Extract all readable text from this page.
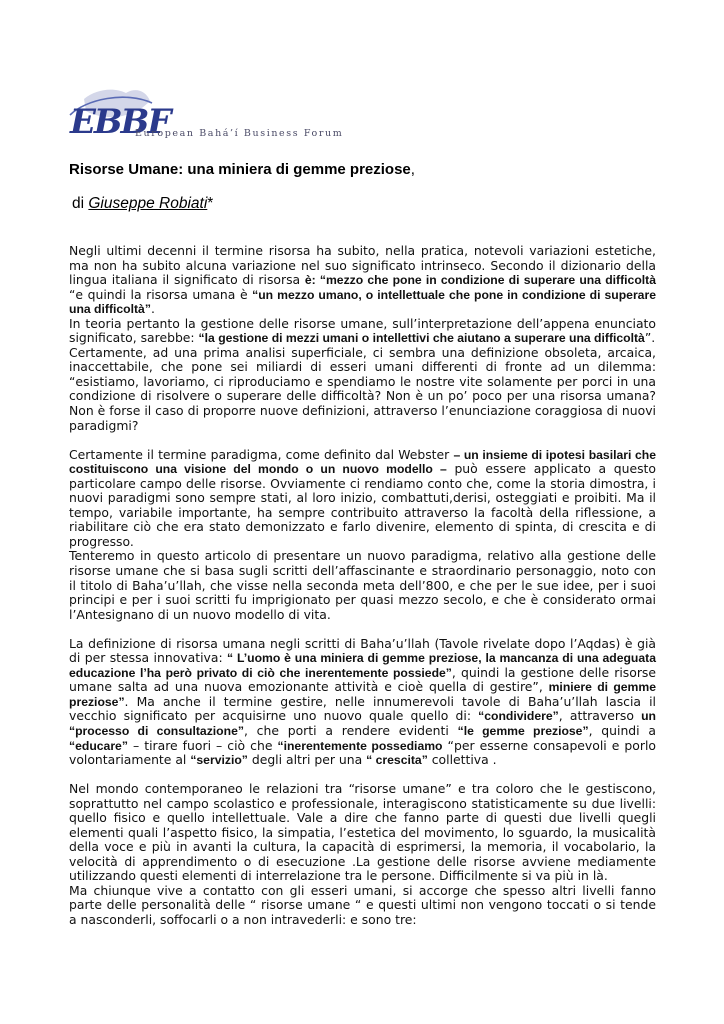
EBBF
European Bahá’í Business Forum
Risorse Umane: una miniera di gemme preziose,
di Giuseppe Robiati*

Negli ultimi decenni il termine risorsa ha subito, nella pratica, notevoli variazioni estetiche, ma non ha subito alcuna variazione nel suo significato intrinseco. Secondo il dizionario della lingua italiana il significato di risorsa è: “mezzo che pone in condizione di superare una difficoltà “e quindi la risorsa umana è “un mezzo umano, o intellettuale che pone in condizione di superare una difficoltà”.

In teoria pertanto la gestione delle risorse umane, sull’interpretazione dell’appena enunciato significato, sarebbe: “la gestione di mezzi umani o intellettivi che aiutano a superare una difficoltà”.

Certamente, ad una prima analisi superficiale, ci sembra una definizione obsoleta, arcaica, inaccettabile, che pone sei miliardi di esseri umani differenti di fronte ad un dilemma: “esistiamo, lavoriamo, ci riproduciamo e spendiamo le nostre vite solamente per porci in una condizione di risolvere o superare delle difficoltà? Non è un po’ poco per una risorsa umana? Non è forse il caso di proporre nuove definizioni, attraverso l’enunciazione coraggiosa di nuovi paradigmi?

Certamente il termine paradigma, come definito dal Webster – un insieme di ipotesi basilari che costituiscono una visione del mondo o un nuovo modello – può essere applicato a questo particolare campo delle risorse. Ovviamente ci rendiamo conto che, come la storia dimostra, i nuovi paradigmi sono sempre stati, al loro inizio, combattuti,derisi, osteggiati e proibiti. Ma il tempo, variabile importante, ha sempre contribuito attraverso la facoltà della riflessione, a riabilitare ciò che era stato demonizzato e farlo divenire, elemento di spinta, di crescita e di progresso.

Tenteremo in questo articolo di presentare un nuovo paradigma, relativo alla gestione delle risorse umane che si basa sugli scritti dell’affascinante e straordinario personaggio, noto con il titolo di Baha’u’llah, che visse nella seconda meta dell’800, e che per le sue idee, per i suoi principi e per i suoi scritti fu imprigionato per quasi mezzo secolo, e che è considerato ormai l’Antesignano di un nuovo modello di vita.

La definizione di risorsa umana negli scritti di Baha’u’llah (Tavole rivelate dopo l’Aqdas) è già di per stessa innovativa: “ L’uomo è una miniera di gemme preziose, la mancanza di una adeguata educazione l’ha però privato di ciò che inerentemente possiede”, quindi la gestione delle risorse umane salta ad una nuova emozionante attività e cioè quella di gestire”, miniere di gemme preziose”. Ma anche il termine gestire, nelle innumerevoli tavole di Baha’u’llah lascia il vecchio significato per acquisirne uno nuovo quale quello di: “condividere”, attraverso un “processo di consultazione”, che porti a rendere evidenti “le gemme preziose”, quindi a “educare” – tirare fuori – ciò che “inerentemente possediamo “per esserne consapevoli e porlo volontariamente al “servizio” degli altri per una “ crescita” collettiva .

Nel mondo contemporaneo le relazioni tra “risorse umane” e tra coloro che le gestiscono, soprattutto nel campo scolastico e professionale, interagiscono statisticamente su due livelli: quello fisico e quello intellettuale. Vale a dire che fanno parte di questi due livelli quegli elementi quali l’aspetto fisico, la simpatia, l’estetica del movimento, lo sguardo, la musicalità della voce e più in avanti la cultura, la capacità di esprimersi, la memoria, il vocabolario, la velocità di apprendimento o di esecuzione .La gestione delle risorse avviene mediamente utilizzando questi elementi di interrelazione tra le persone. Difficilmente si va più in là.

Ma chiunque vive a contatto con gli esseri umani, si accorge che spesso altri livelli fanno parte delle personalità delle “ risorse umane “ e questi ultimi non vengono toccati o si tende a nasconderli, soffocarli o a non intravederli: e sono tre:
